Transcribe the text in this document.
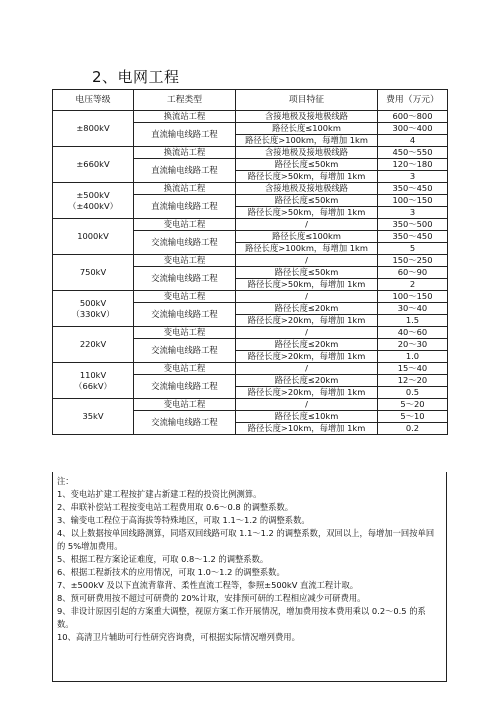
2、电网工程
电压等级	工程类型	项目特征	费用（万元）

±800kV	换流站工程	含接地极及接地极线路	600～800
	直流输电线路工程	路径长度≤100km	300～400
		路径长度>100km，每增加 1km	4

±660kV	换流站工程	含接地极及接地极线路	450～550
	直流输电线路工程	路径长度≤50km	120～180
		路径长度>50km，每增加 1km	3

±500kV
（±400kV）	换流站工程	含接地极及接地极线路	350～450
	直流输电线路工程	路径长度≤50km	100～150
		路径长度>50km，每增加 1km	3

1000kV	变电站工程	/	350～500
	交流输电线路工程	路径长度≤100km	350～450
		路径长度>100km，每增加 1km	5

750kV	变电站工程	/	150～250
	交流输电线路工程	路径长度≤50km	60～90
		路径长度>50km，每增加 1km	2

500kV
（330kV）	变电站工程	/	100～150
	交流输电线路工程	路径长度≤20km	30～40
		路径长度>20km，每增加 1km	1.5

220kV	变电站工程	/	40～60
	交流输电线路工程	路径长度≤20km	20～30
		路径长度>20km，每增加 1km	1.0

110kV
（66kV）	变电站工程	/	15～40
	交流输电线路工程	路径长度≤20km	12～20
		路径长度>20km，每增加 1km	0.5

35kV	变电站工程	/	5～20
	交流输电线路工程	路径长度≤10km	5～10
		路径长度>10km，每增加 1km	0.2
注：
1、变电站扩建工程按扩建占新建工程的投资比例测算。
2、串联补偿站工程按变电站工程费用取 0.6～0.8 的调整系数。
3、输变电工程位于高海拔等特殊地区，可取 1.1～1.2 的调整系数。
4、以上数据按单回线路测算，同塔双回线路可取 1.1～1.2 的调整系数，双回以上，每增加一回按单回的 5%增加费用。
5、根据工程方案论证难度，可取 0.8～1.2 的调整系数。
6、根据工程新技术的应用情况，可取 1.0～1.2 的调整系数。
7、±500kV 及以下直流背靠背、柔性直流工程等，参照±500kV 直流工程计取。
8、预可研费用按不超过可研费的 20%计取，安排预可研的工程相应减少可研费用。
9、非设计原因引起的方案重大调整，视原方案工作开展情况，增加费用按本费用乘以 0.2～0.5 的系数。
10、高清卫片辅助可行性研究咨询费，可根据实际情况增列费用。
